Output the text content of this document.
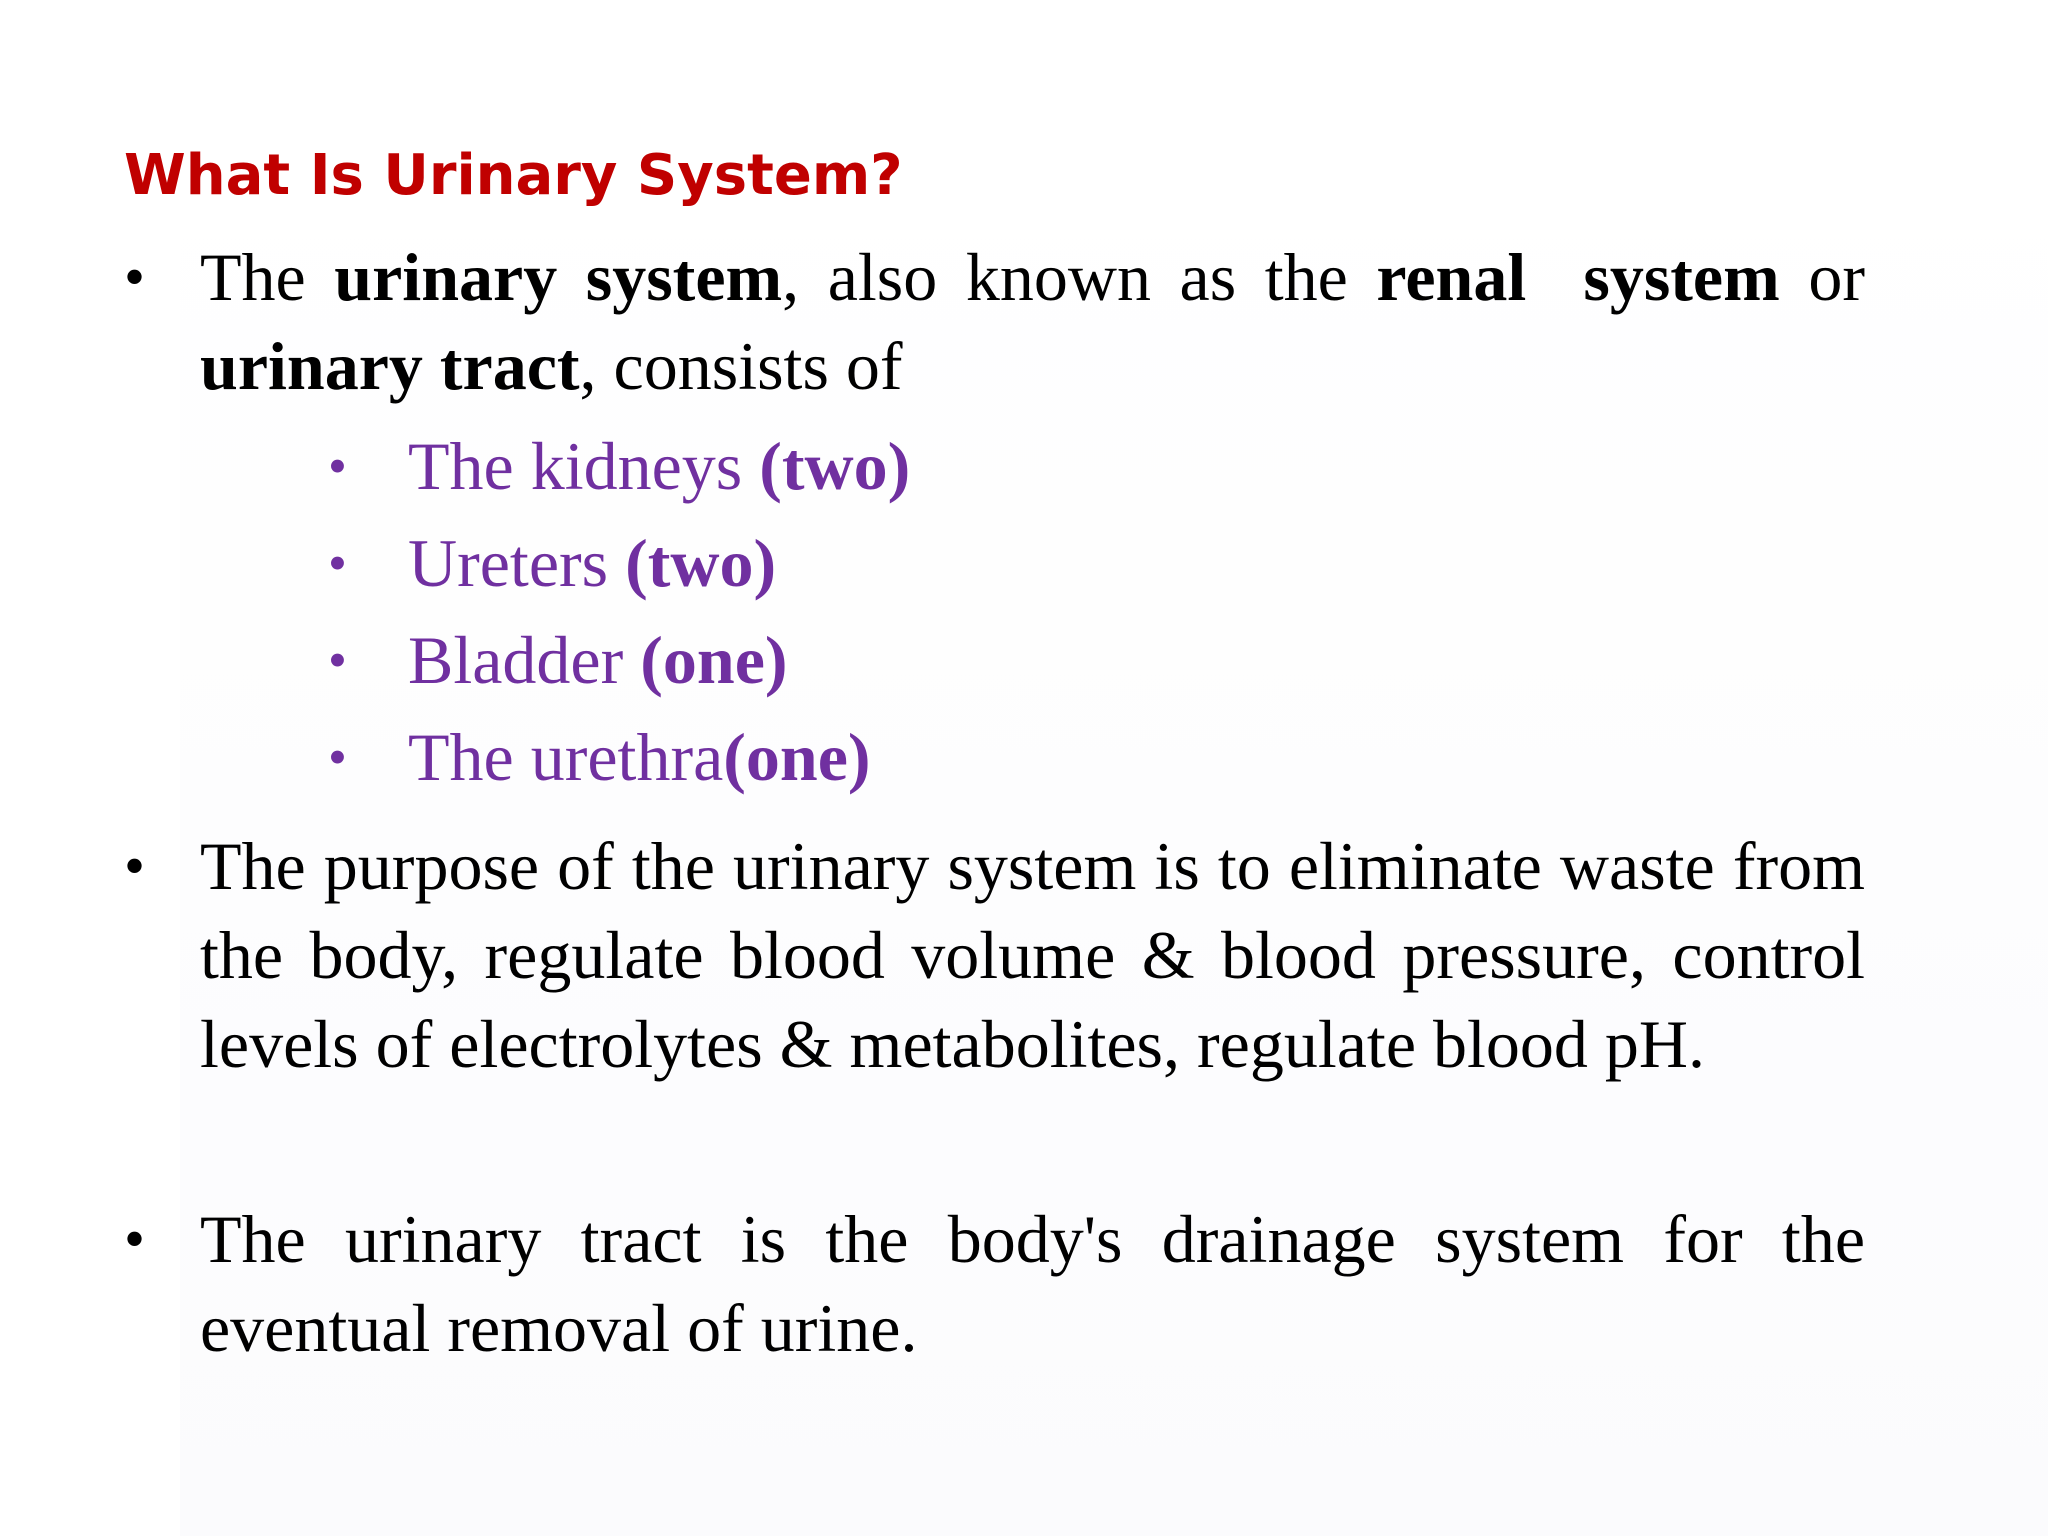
What Is Urinary System?
• The urinary system, also known as the renal  system or urinary tract, consists of
• The kidneys (two)
• Ureters (two)
• Bladder (one)
• The urethra(one)
• The purpose of the urinary system is to eliminate waste from the body, regulate blood volume & blood pressure, control levels of electrolytes & metabolites, regulate blood pH.
• The urinary tract is the body's drainage system for the eventual removal of urine.
